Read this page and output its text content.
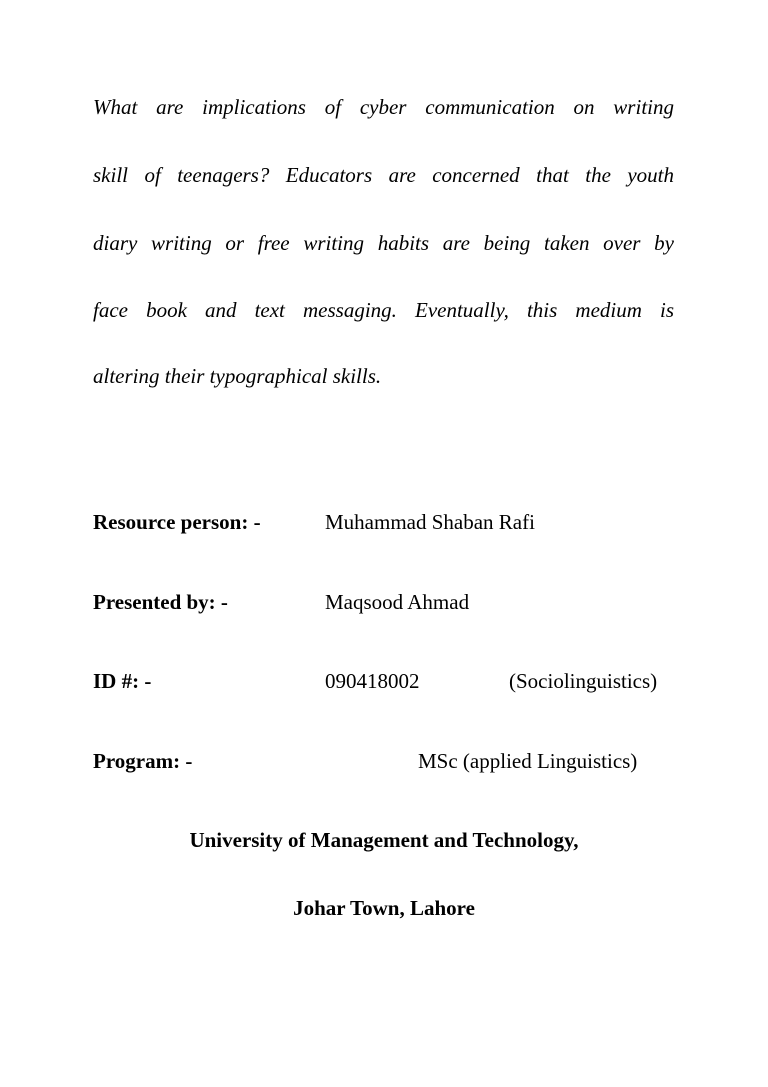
What are implications of cyber communication on writing
skill of teenagers? Educators are concerned that the youth
diary writing or free writing habits are being taken over by
face book and text messaging. Eventually, this medium is
altering their typographical skills.
Resource person: -	Muhammad Shaban Rafi
Presented by: -	Maqsood Ahmad
ID #: -	090418002	(Sociolinguistics)
Program: -	MSc (applied Linguistics)
University of Management and Technology,
Johar Town, Lahore
